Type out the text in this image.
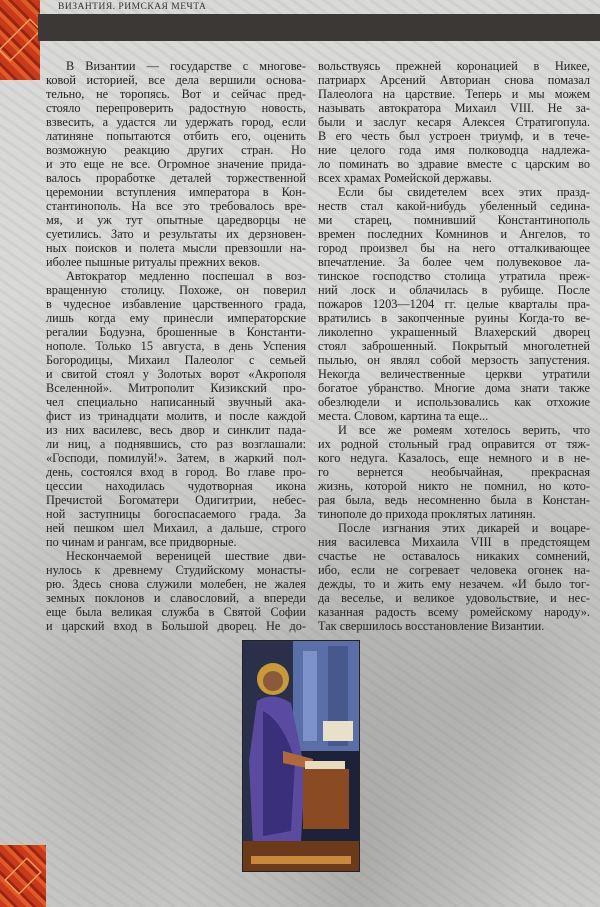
ВИЗАНТИЯ. РИМСКАЯ МЕЧТА
В Византии — государстве с многове-
ковой историей, все дела вершили основа-
тельно, не торопясь. Вот и сейчас пред-
стояло перепроверить радостную новость,
взвесить, а удастся ли удержать город, если
латиняне попытаются отбить его, оценить
возможную реакцию других стран. Но
и это еще не все. Огромное значение прида-
валось проработке деталей торжественной
церемонии вступления императора в Кон-
стантинополь. На все это требовалось вре-
мя, и уж тут опытные царедворцы не
суетились. Зато и результаты их дерзновен-
ных поисков и полета мысли превзошли на-
иболее пышные ритуалы прежних веков.
Автократор медленно поспешал в воз-
вращенную столицу. Похоже, он поверил
в чудесное избавление царственного града,
лишь когда ему принесли императорские
регалии Бодуэна, брошенные в Константи-
нополе. Только 15 августа, в день Успения
Богородицы, Михаил Палеолог с семьей
и свитой стоял у Золотых ворот «Акрополя
Вселенной». Митрополит Кизикский про-
чел специально написанный звучный ака-
фист из тринадцати молитв, и после каждой
из них василевс, весь двор и синклит пада-
ли ниц, а поднявшись, сто раз возглашали:
«Господи, помилуй!». Затем, в жаркий пол-
день, состоялся вход в город. Во главе про-
цессии находилась чудотворная икона
Пречистой Богоматери Одигитрии, небес-
ной заступницы богоспасаемого града. За
ней пешком шел Михаил, а дальше, строго
по чинам и рангам, все придворные.
Нескончаемой вереницей шествие дви-
нулось к древнему Студийскому монасты-
рю. Здесь снова служили молебен, не жалея
земных поклонов и славословий, а впереди
еще была великая служба в Святой Софии
и царский вход в Большой дворец. Не до-
вольствуясь прежней коронацией в Никее,
патриарх Арсений Авториан снова помазал
Палеолога на царствие. Теперь и мы можем
называть автократора Михаил VIII. Не за-
были и заслуг кесаря Алексея Стратигопула.
В его честь был устроен триумф, и в тече-
ние целого года имя полководца надлежа-
ло поминать во здравие вместе с царским во
всех храмах Ромейской державы.
Если бы свидетелем всех этих празд-
неств стал какой-нибудь убеленный седина-
ми старец, помнивший Константинополь
времен последних Комнинов и Ангелов, то
город произвел бы на него отталкивающее
впечатление. За более чем полувековое ла-
тинское господство столица утратила преж-
ний лоск и облачилась в рубище. После
пожаров 1203—1204 гг. целые кварталы пра-
вратились в закопченные руины Когда-то ве-
ликолепно украшенный Влахерский дворец
стоял заброшенный. Покрытый многолетней
пылью, он являл собой мерзость запустения.
Некогда величественные церкви утратили
богатое убранство. Многие дома знати также
обезлюдели и использовались как отхожие
места. Словом, картина та еще...
И все же ромеям хотелось верить, что
их родной стольный град оправится от тяж-
кого недуга. Казалось, еще немного и в не-
го вернется необычайная, прекрасная
жизнь, которой никто не помнил, но кото-
рая была, ведь несомненно была в Констан-
тинополе до прихода проклятых латинян.
После изгнания этих дикарей и воцаре-
ния василевса Михаила VIII в предстоящем
счастье не оставалось никаких сомнений,
ибо, если не согревает человека огонек на-
дежды, то и жить ему незачем. «И было тог-
да веселье, и великое удовольствие, и нес-
казанная радость всему ромейскому народу».
Так свершилось восстановление Византии.
